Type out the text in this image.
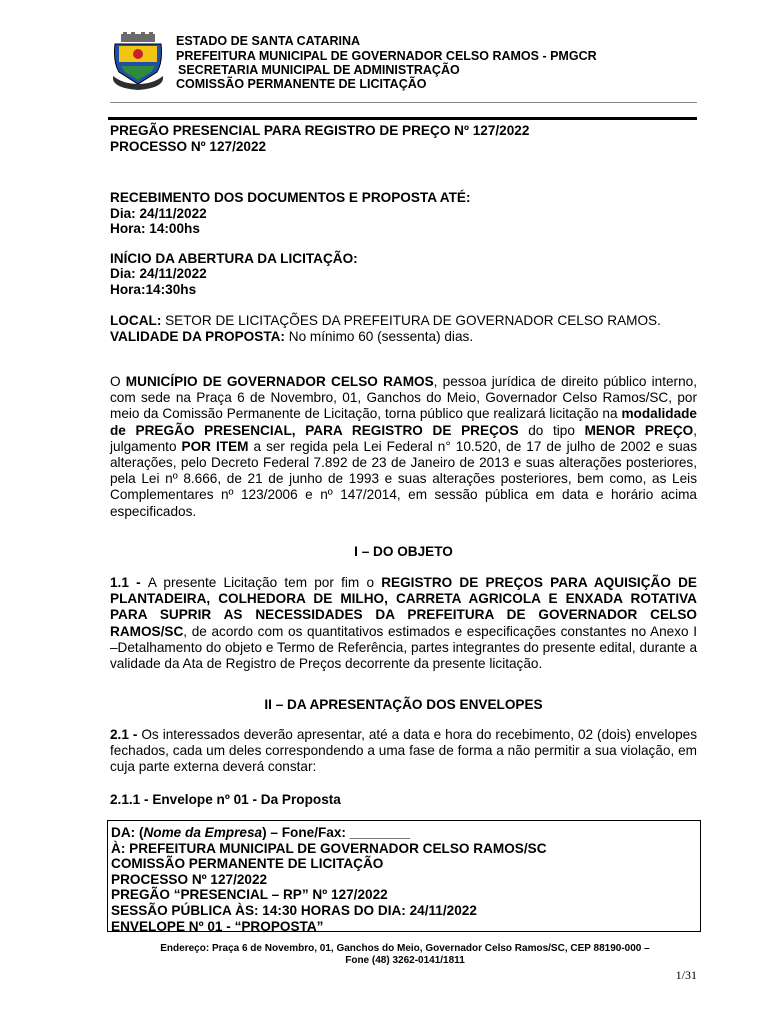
ESTADO DE SANTA CATARINA
PREFEITURA MUNICIPAL DE GOVERNADOR CELSO RAMOS - PMGCR
SECRETARIA MUNICIPAL DE ADMINISTRAÇÃO
COMISSÃO PERMANENTE DE LICITAÇÃO
PREGÃO PRESENCIAL PARA REGISTRO DE PREÇO Nº 127/2022
PROCESSO Nº 127/2022
RECEBIMENTO DOS DOCUMENTOS E PROPOSTA ATÉ:
Dia: 24/11/2022
Hora: 14:00hs
INÍCIO DA ABERTURA DA LICITAÇÃO:
Dia: 24/11/2022
Hora:14:30hs
LOCAL: SETOR DE LICITAÇÕES DA PREFEITURA DE GOVERNADOR CELSO RAMOS.
VALIDADE DA PROPOSTA: No mínimo 60 (sessenta) dias.
O MUNICÍPIO DE GOVERNADOR CELSO RAMOS, pessoa jurídica de direito público interno, com sede na Praça 6 de Novembro, 01, Ganchos do Meio, Governador Celso Ramos/SC, por meio da Comissão Permanente de Licitação, torna público que realizará licitação na modalidade de PREGÃO PRESENCIAL, PARA REGISTRO DE PREÇOS do tipo MENOR PREÇO, julgamento POR ITEM a ser regida pela Lei Federal n° 10.520, de 17 de julho de 2002 e suas alterações, pelo Decreto Federal 7.892 de 23 de Janeiro de 2013 e suas alterações posteriores, pela Lei nº 8.666, de 21 de junho de 1993 e suas alterações posteriores, bem como, as Leis Complementares nº 123/2006 e nº 147/2014, em sessão pública em data e horário acima especificados.
I – DO OBJETO
1.1 - A presente Licitação tem por fim o REGISTRO DE PREÇOS PARA AQUISIÇÃO DE PLANTADEIRA, COLHEDORA DE MILHO, CARRETA AGRICOLA E ENXADA ROTATIVA PARA SUPRIR AS NECESSIDADES DA PREFEITURA DE GOVERNADOR CELSO RAMOS/SC, de acordo com os quantitativos estimados e especificações constantes no Anexo I –Detalhamento do objeto e Termo de Referência, partes integrantes do presente edital, durante a validade da Ata de Registro de Preços decorrente da presente licitação.
II – DA APRESENTAÇÃO DOS ENVELOPES
2.1 - Os interessados deverão apresentar, até a data e hora do recebimento, 02 (dois) envelopes fechados, cada um deles correspondendo a uma fase de forma a não permitir a sua violação, em cuja parte externa deverá constar:
2.1.1 - Envelope nº 01 - Da Proposta
DA: (Nome da Empresa) – Fone/Fax: ________
À: PREFEITURA MUNICIPAL DE GOVERNADOR CELSO RAMOS/SC
COMISSÃO PERMANENTE DE LICITAÇÃO
PROCESSO Nº 127/2022
PREGÃO “PRESENCIAL – RP” Nº 127/2022
SESSÃO PÚBLICA ÀS: 14:30 HORAS DO DIA: 24/11/2022
ENVELOPE Nº 01 - “PROPOSTA”
Endereço: Praça 6 de Novembro, 01, Ganchos do Meio, Governador Celso Ramos/SC, CEP 88190-000 –
Fone (48) 3262-0141/1811
1/31
